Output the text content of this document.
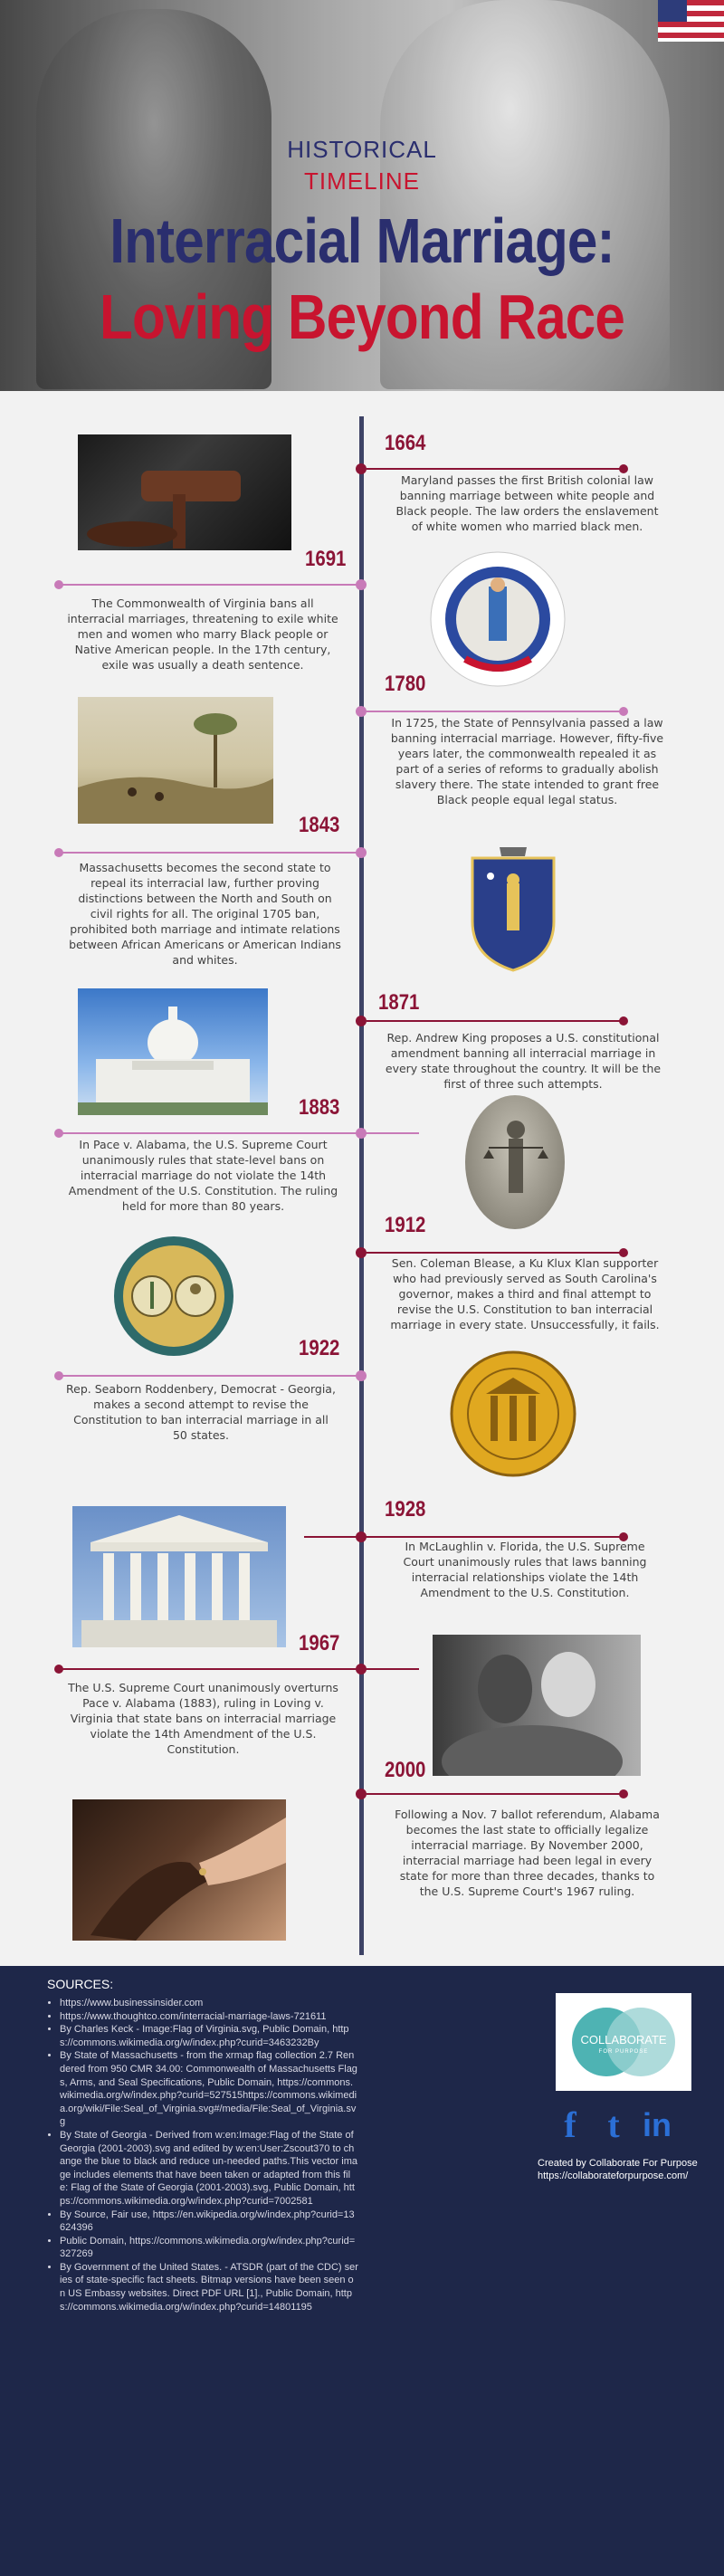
HISTORICAL
TIMELINE
Interracial Marriage:
Loving Beyond Race
1664
Maryland passes the first British colonial law banning marriage between white people and Black people. The law orders the enslavement of white women who married black men.
1691
The Commonwealth of Virginia bans all interracial marriages, threatening to exile white men and women who marry Black people or Native American people. In the 17th century, exile was usually a death sentence.
1780
In 1725, the State of Pennsylvania passed a law banning interracial marriage. However, fifty-five years later, the commonwealth repealed it as part of a series of reforms to gradually abolish slavery there. The state intended to grant free Black people equal legal status.
1843
Massachusetts becomes the second state to repeal its interracial law, further proving distinctions between the North and South on civil rights for all. The original 1705 ban, prohibited both marriage and intimate relations between African Americans or American Indians and whites.
1871
Rep. Andrew King proposes a U.S. constitutional amendment banning all interracial marriage in every state throughout the country. It will be the first of three such attempts.
1883
In Pace v. Alabama, the U.S. Supreme Court unanimously rules that state-level bans on interracial marriage do not violate the 14th Amendment of the U.S. Constitution. The ruling held for more than 80 years.
1912
Sen. Coleman Blease, a Ku Klux Klan supporter who had previously served as South Carolina's governor, makes a third and final attempt to revise the U.S. Constitution to ban interracial marriage in every state. Unsuccessfully, it fails.
1922
Rep. Seaborn Roddenbery, Democrat - Georgia, makes a second attempt to revise the Constitution to ban interracial marriage in all 50 states.
1928
In McLaughlin v. Florida, the U.S. Supreme Court unanimously rules that laws banning interracial relationships violate the 14th Amendment to the U.S. Constitution.
1967
The U.S. Supreme Court unanimously overturns Pace v. Alabama (1883), ruling in Loving v. Virginia that state bans on interracial marriage violate the 14th Amendment of the U.S. Constitution.
2000
Following a Nov. 7 ballot referendum, Alabama becomes the last state to officially legalize interracial marriage. By November 2000, interracial marriage had been legal in every state for more than three decades, thanks to the U.S. Supreme Court's 1967 ruling.
SOURCES:
• https://www.businessinsider.com
• https://www.thoughtco.com/interracial-marriage-laws-721611
• By Charles Keck - Image:Flag of Virginia.svg, Public Domain, https://commons.wikimedia.org/w/index.php?curid=3463232By
• By State of Massachusetts - from the xrmap flag collection 2.7 Rendered from 950 CMR 34.00: Commonwealth of Massachusetts Flags, Arms, and Seal Specifications, Public Domain, https://commons.wikimedia.org/w/index.php?curid=527515https://commons.wikimedia.org/wiki/File:Seal_of_Virginia.svg#/media/File:Seal_of_Virginia.svg
• By State of Georgia - Derived from w:en:Image:Flag of the State of Georgia (2001-2003).svg and edited by w:en:User:Zscout370 to change the blue to black and reduce un-needed paths.This vector image includes elements that have been taken or adapted from this file: Flag of the State of Georgia (2001-2003).svg, Public Domain, https://commons.wikimedia.org/w/index.php?curid=7002581
• By Source, Fair use, https://en.wikipedia.org/w/index.php?curid=13624396
• Public Domain, https://commons.wikimedia.org/w/index.php?curid=327269
• By Government of the United States. - ATSDR (part of the CDC) series of state-specific fact sheets. Bitmap versions have been seen on US Embassy websites. Direct PDF URL [1]., Public Domain, https://commons.wikimedia.org/w/index.php?curid=14801195
COLLABORATE
FOR PURPOSE
f t in
Created by Collaborate For Purpose
https://collaborateforpurpose.com/
